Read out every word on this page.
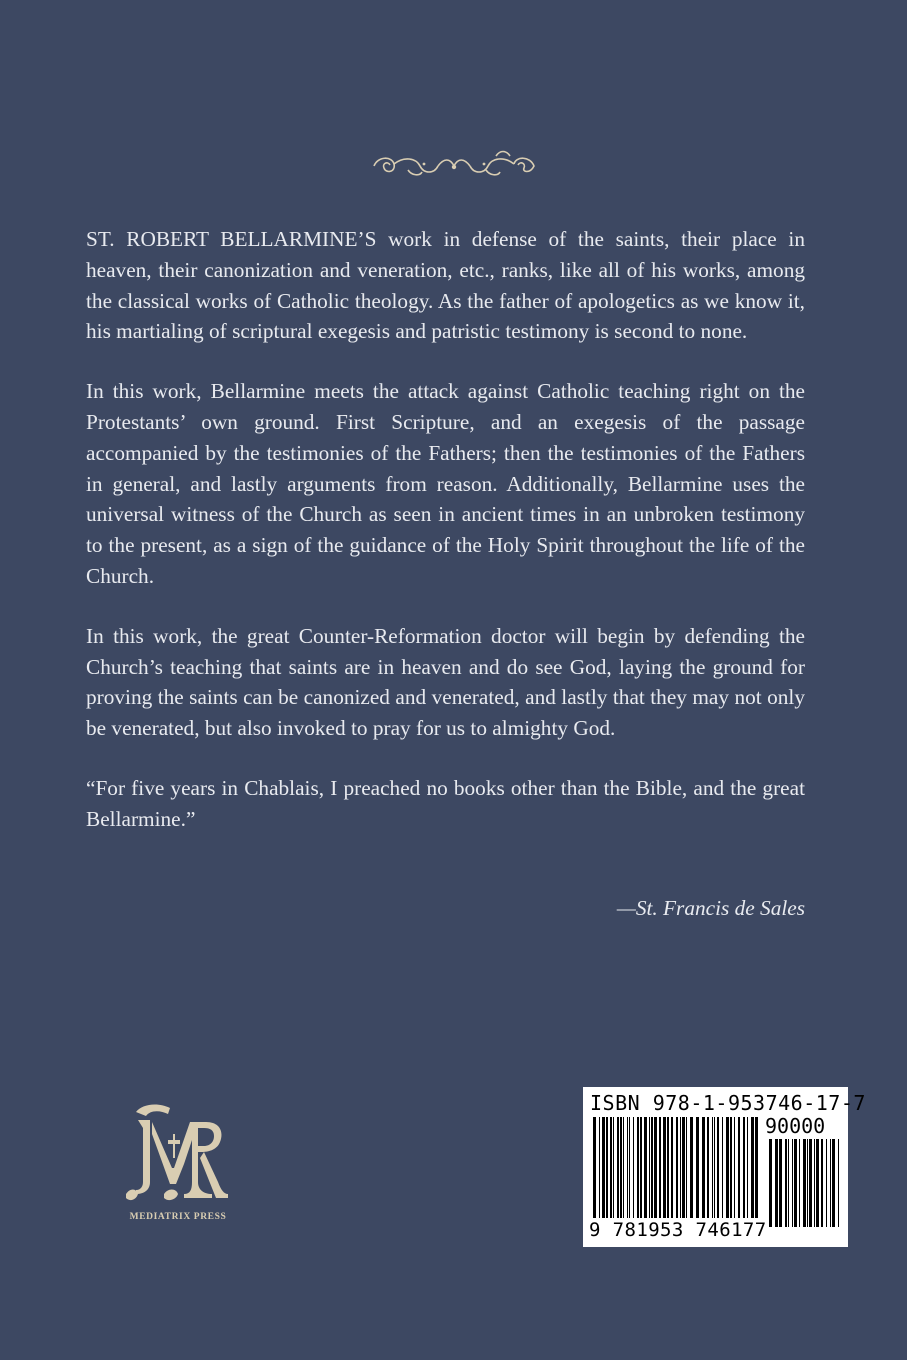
ST. ROBERT BELLARMINE’S work in defense of the saints, their place in heaven, their canonization and veneration, etc., ranks, like all of his works, among the classical works of Catholic theology. As the father of apologetics as we know it, his martialing of scriptural exegesis and patristic testimony is second to none.

In this work, Bellarmine meets the attack against Catholic teaching right on the Protestants’ own ground. First Scripture, and an exegesis of the passage accompanied by the testimonies of the Fathers; then the testimonies of the Fathers in general, and lastly arguments from reason. Additionally, Bellarmine uses the universal witness of the Church as seen in ancient times in an unbroken testimony to the present, as a sign of the guidance of the Holy Spirit throughout the life of the Church.

In this work, the great Counter-Reformation doctor will begin by defending the Church’s teaching that saints are in heaven and do see God, laying the ground for proving the saints can be canonized and venerated, and lastly that they may not only be venerated, but also invoked to pray for us to almighty God.

“For five years in Chablais, I preached no books other than the Bible, and the great Bellarmine.”

—St. Francis de Sales
MEDIATRIX PRESS
ISBN 978-1-953746-17-7
90000
9 781953 746177
